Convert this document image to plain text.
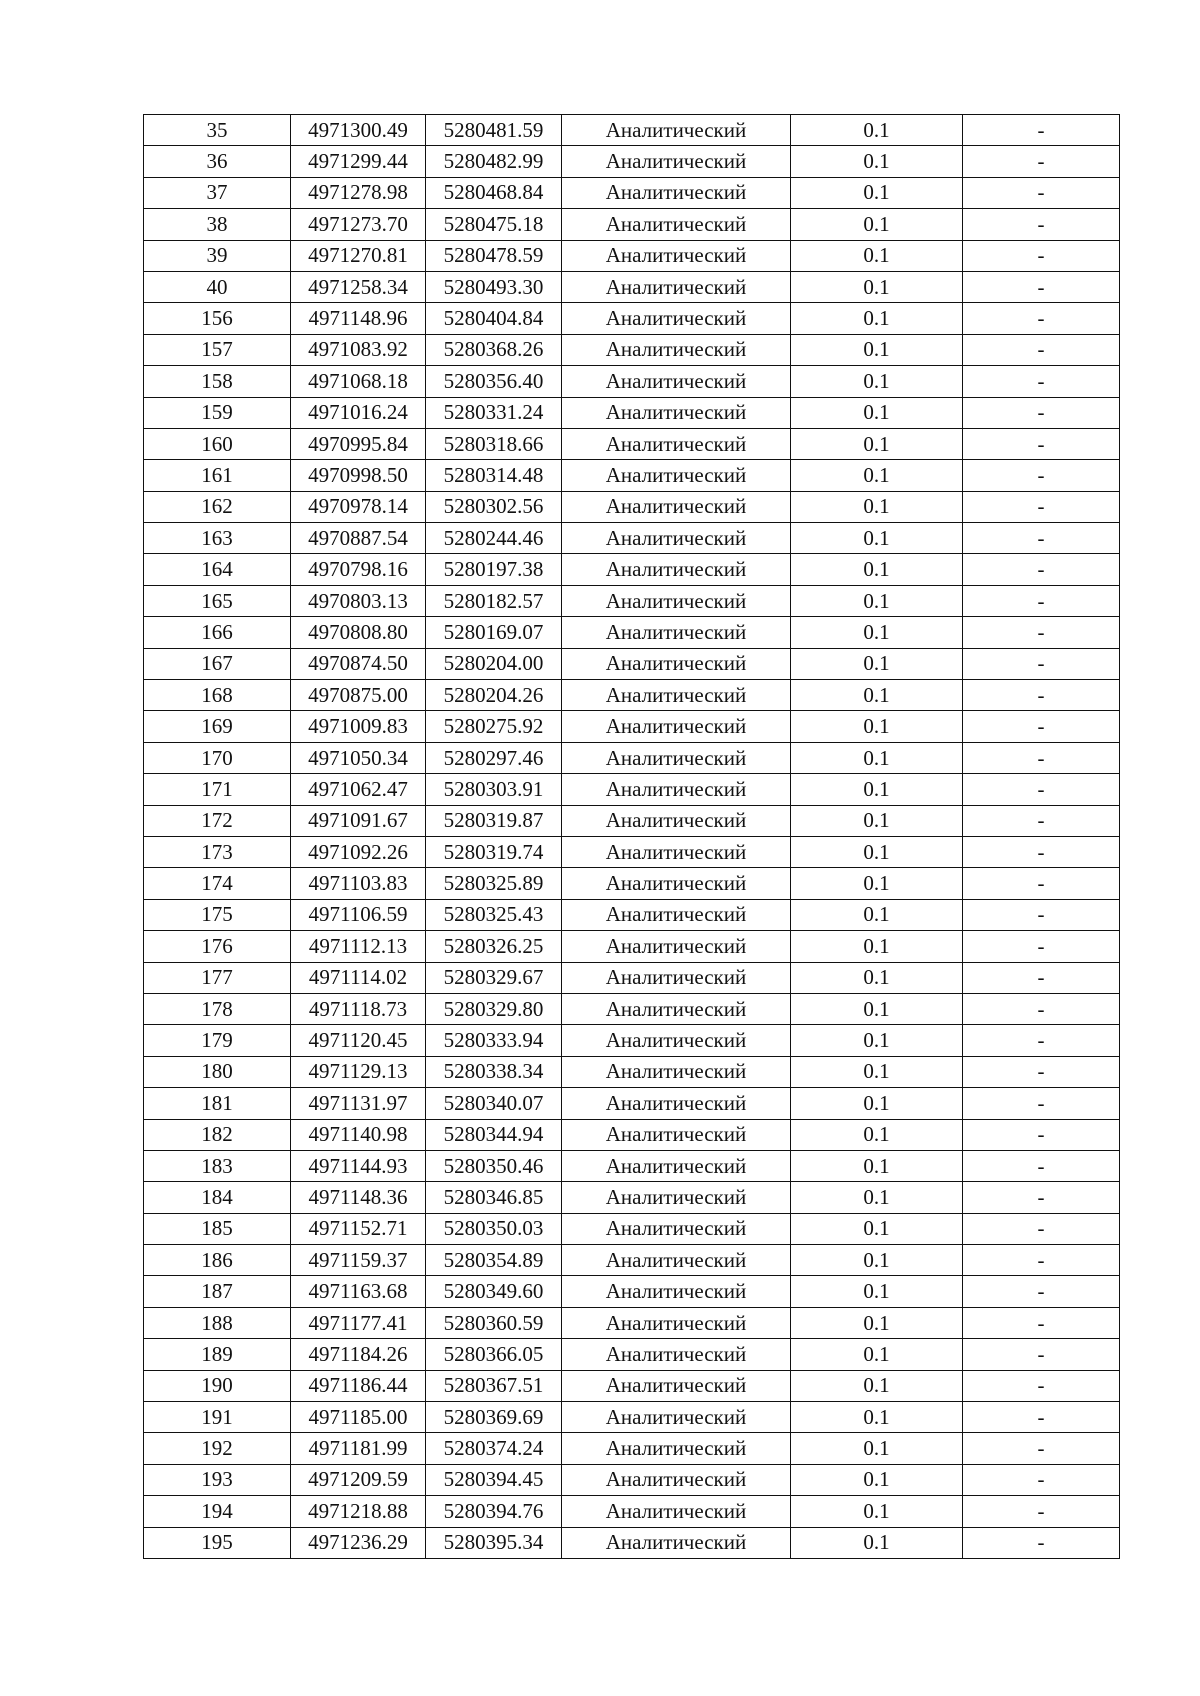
35	4971300.49	5280481.59	Аналитический	0.1	-
36	4971299.44	5280482.99	Аналитический	0.1	-
37	4971278.98	5280468.84	Аналитический	0.1	-
38	4971273.70	5280475.18	Аналитический	0.1	-
39	4971270.81	5280478.59	Аналитический	0.1	-
40	4971258.34	5280493.30	Аналитический	0.1	-
156	4971148.96	5280404.84	Аналитический	0.1	-
157	4971083.92	5280368.26	Аналитический	0.1	-
158	4971068.18	5280356.40	Аналитический	0.1	-
159	4971016.24	5280331.24	Аналитический	0.1	-
160	4970995.84	5280318.66	Аналитический	0.1	-
161	4970998.50	5280314.48	Аналитический	0.1	-
162	4970978.14	5280302.56	Аналитический	0.1	-
163	4970887.54	5280244.46	Аналитический	0.1	-
164	4970798.16	5280197.38	Аналитический	0.1	-
165	4970803.13	5280182.57	Аналитический	0.1	-
166	4970808.80	5280169.07	Аналитический	0.1	-
167	4970874.50	5280204.00	Аналитический	0.1	-
168	4970875.00	5280204.26	Аналитический	0.1	-
169	4971009.83	5280275.92	Аналитический	0.1	-
170	4971050.34	5280297.46	Аналитический	0.1	-
171	4971062.47	5280303.91	Аналитический	0.1	-
172	4971091.67	5280319.87	Аналитический	0.1	-
173	4971092.26	5280319.74	Аналитический	0.1	-
174	4971103.83	5280325.89	Аналитический	0.1	-
175	4971106.59	5280325.43	Аналитический	0.1	-
176	4971112.13	5280326.25	Аналитический	0.1	-
177	4971114.02	5280329.67	Аналитический	0.1	-
178	4971118.73	5280329.80	Аналитический	0.1	-
179	4971120.45	5280333.94	Аналитический	0.1	-
180	4971129.13	5280338.34	Аналитический	0.1	-
181	4971131.97	5280340.07	Аналитический	0.1	-
182	4971140.98	5280344.94	Аналитический	0.1	-
183	4971144.93	5280350.46	Аналитический	0.1	-
184	4971148.36	5280346.85	Аналитический	0.1	-
185	4971152.71	5280350.03	Аналитический	0.1	-
186	4971159.37	5280354.89	Аналитический	0.1	-
187	4971163.68	5280349.60	Аналитический	0.1	-
188	4971177.41	5280360.59	Аналитический	0.1	-
189	4971184.26	5280366.05	Аналитический	0.1	-
190	4971186.44	5280367.51	Аналитический	0.1	-
191	4971185.00	5280369.69	Аналитический	0.1	-
192	4971181.99	5280374.24	Аналитический	0.1	-
193	4971209.59	5280394.45	Аналитический	0.1	-
194	4971218.88	5280394.76	Аналитический	0.1	-
195	4971236.29	5280395.34	Аналитический	0.1	-
